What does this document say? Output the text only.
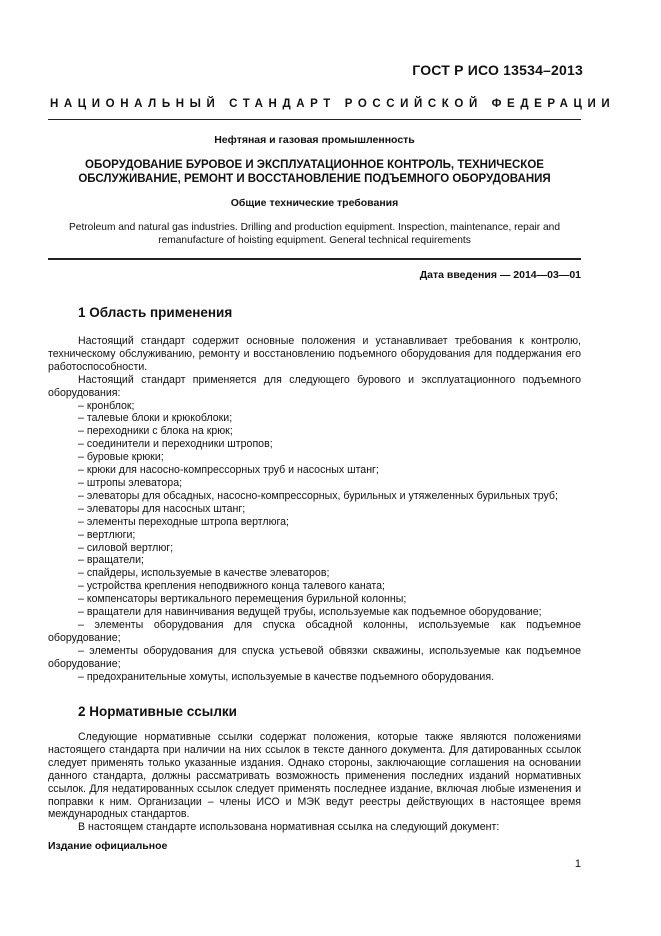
ГОСТ Р ИСО 13534–2013
НАЦИОНАЛЬНЫЙ СТАНДАРТ РОССИЙСКОЙ ФЕДЕРАЦИИ
Нефтяная и газовая промышленность
ОБОРУДОВАНИЕ БУРОВОЕ И ЭКСПЛУАТАЦИОННОЕ КОНТРОЛЬ, ТЕХНИЧЕСКОЕ
ОБСЛУЖИВАНИЕ, РЕМОНТ И ВОССТАНОВЛЕНИЕ ПОДЪЕМНОГО ОБОРУДОВАНИЯ
Общие технические требования
Petroleum and natural gas industries. Drilling and production equipment. Inspection, maintenance, repair and
remanufacture of hoisting equipment. General technical requirements
Дата введения — 2014—03—01
1 Область применения

Настоящий стандарт содержит основные положения и устанавливает требования к контролю, техническому обслуживанию, ремонту и восстановлению подъемного оборудования для поддержания его работоспособности.

Настоящий стандарт применяется для следующего бурового и эксплуатационного подъемного оборудования:

– кронблок;

– талевые блоки и крюкоблоки;

– переходники с блока на крюк;

– соединители и переходники штропов;

– буровые крюки;

– крюки для насосно-компрессорных труб и насосных штанг;

– штропы элеватора;

– элеваторы для обсадных, насосно-компрессорных, бурильных и утяжеленных бурильных труб;

– элеваторы для насосных штанг;

– элементы переходные штропа вертлюга;

– вертлюги;

– силовой вертлюг;

– вращатели;

– спайдеры, используемые в качестве элеваторов;

– устройства крепления неподвижного конца талевого каната;

– компенсаторы вертикального перемещения бурильной колонны;

– вращатели для навинчивания ведущей трубы, используемые как подъемное оборудование;

– элементы оборудования для спуска обсадной колонны, используемые как подъемное оборудование;

– элементы оборудования для спуска устьевой обвязки скважины, используемые как подъемное оборудование;

– предохранительные хомуты, используемые в качестве подъемного оборудования.

2 Нормативные ссылки

Следующие нормативные ссылки содержат положения, которые также являются положениями настоящего стандарта при наличии на них ссылок в тексте данного документа. Для датированных ссылок следует применять только указанные издания. Однако стороны, заключающие соглашения на основании данного стандарта, должны рассматривать возможность применения последних изданий нормативных ссылок. Для недатированных ссылок следует применять последнее издание, включая любые изменения и поправки к ним. Организации – члены ИСО и МЭК ведут реестры действующих в настоящее время международных стандартов.

В настоящем стандарте использована нормативная ссылка на следующий документ:

Издание официальное
1
